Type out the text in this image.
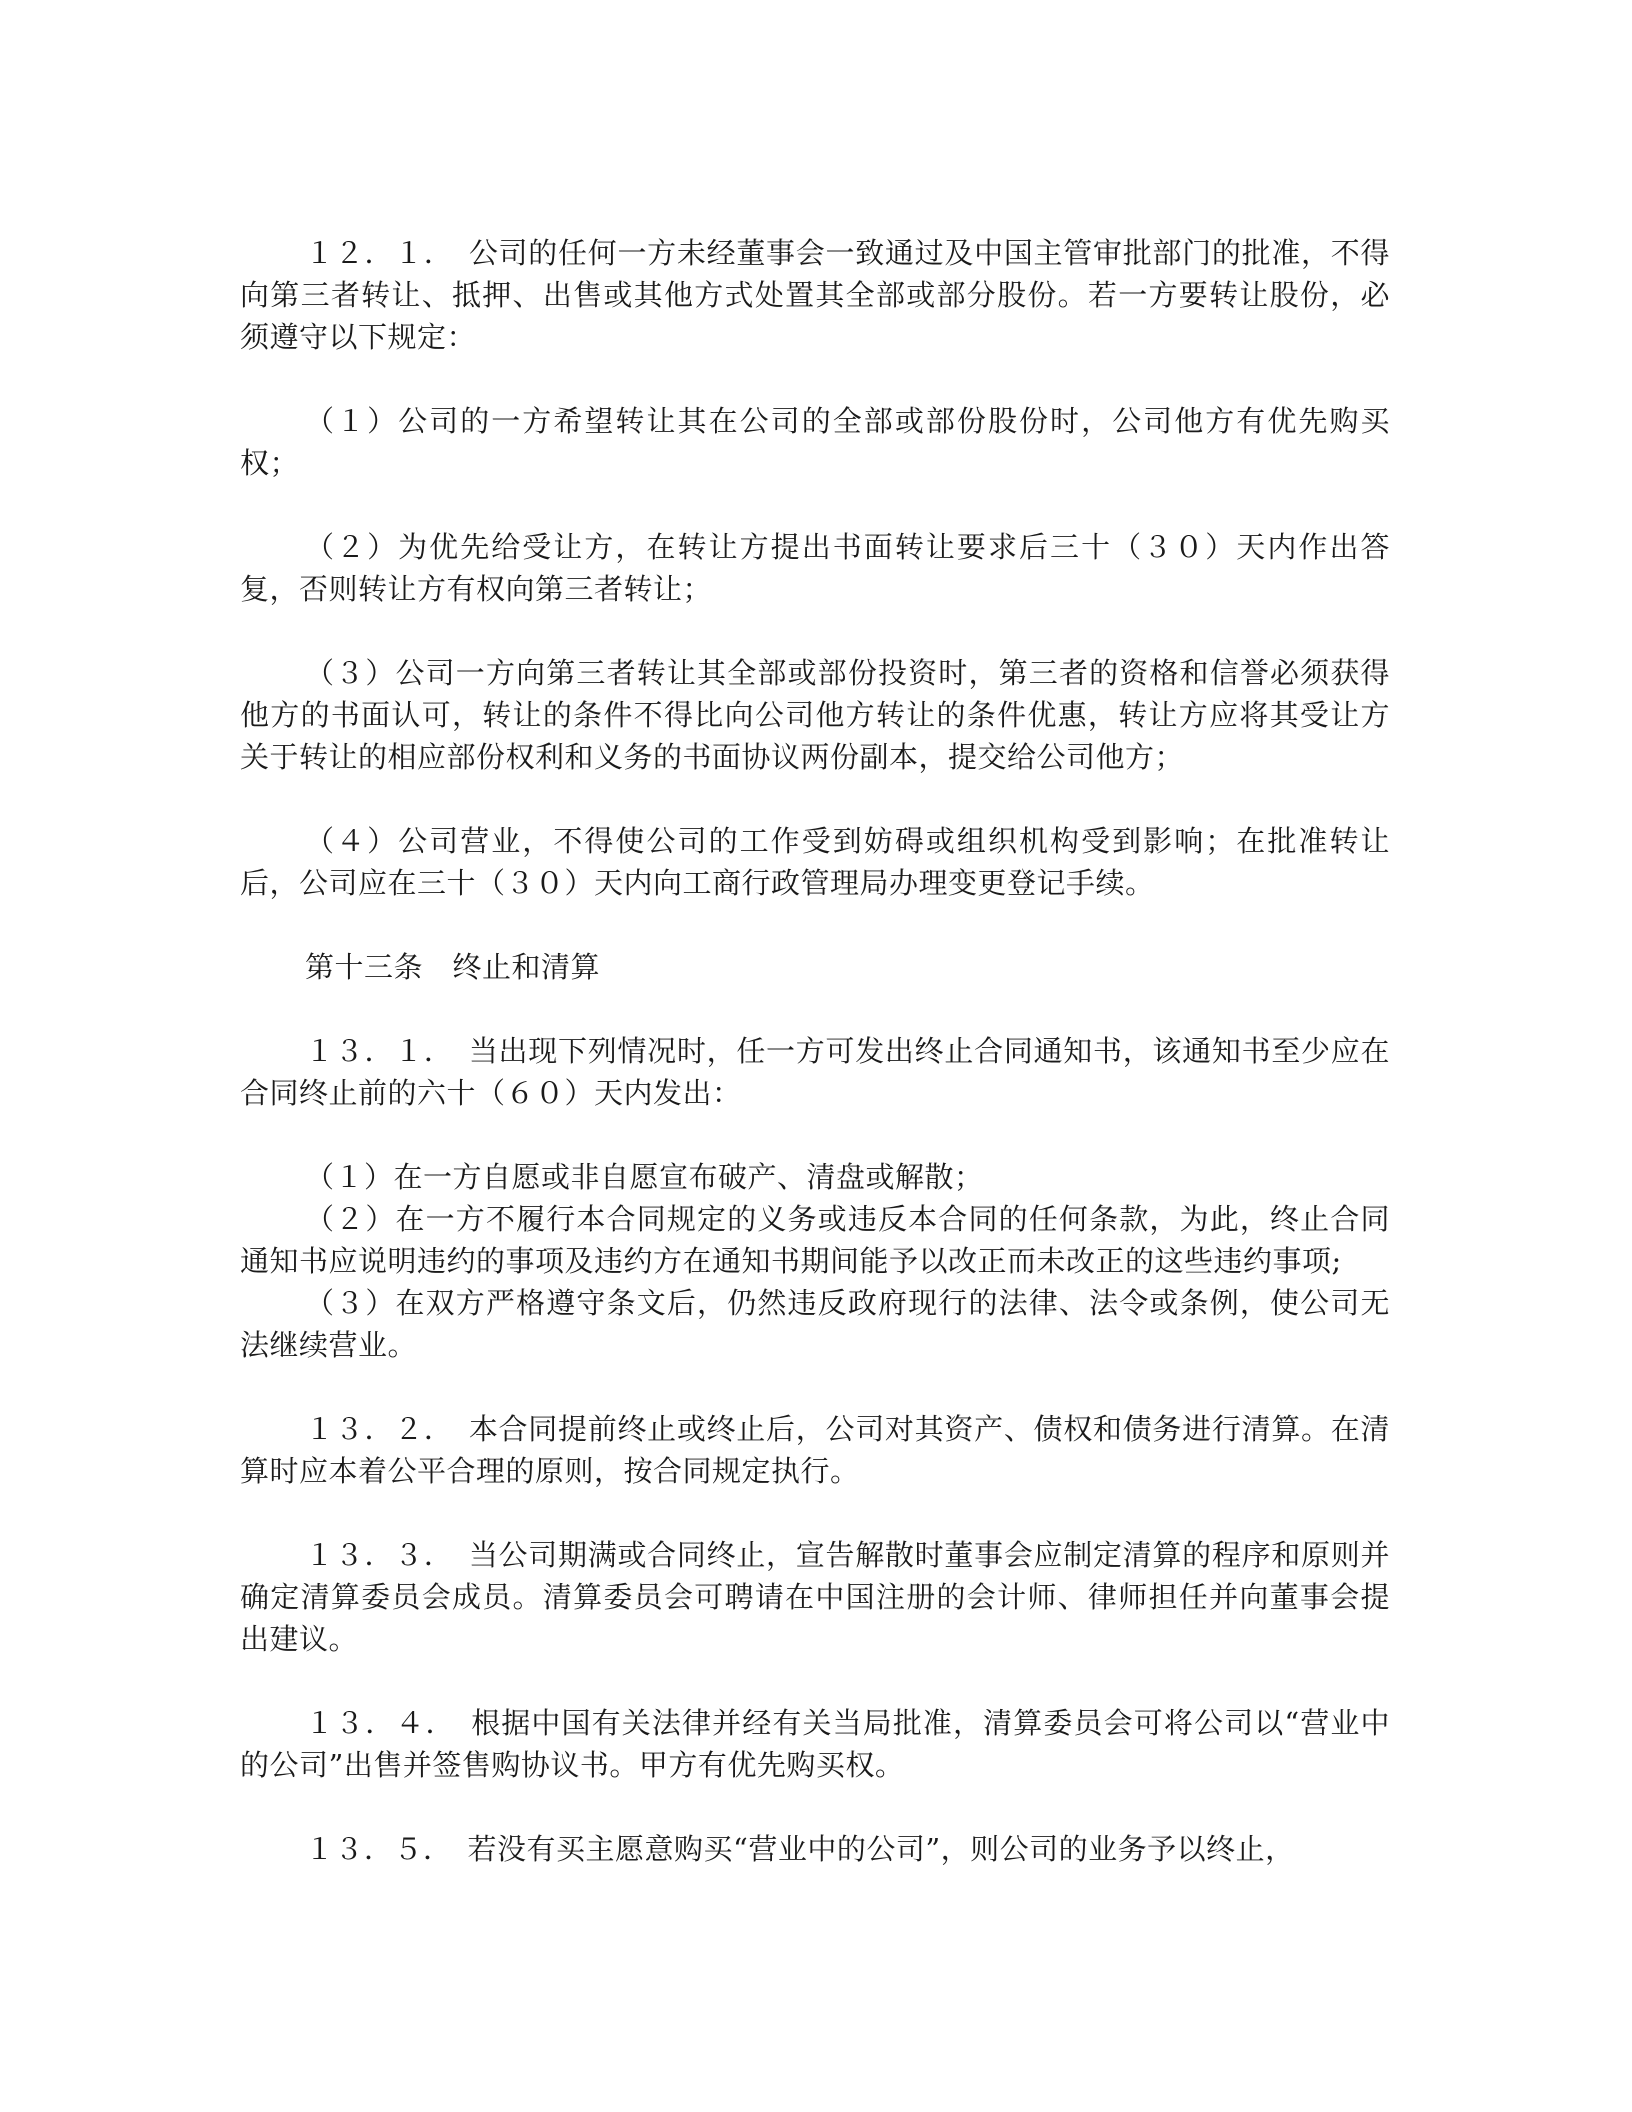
１２．１．　公司的任何一方未经董事会一致通过及中国主管审批部门的批准，不得向第三者转让、抵押、出售或其他方式处置其全部或部分股份。若一方要转让股份，必须遵守以下规定：

（１）公司的一方希望转让其在公司的全部或部份股份时，公司他方有优先购买权；

（２）为优先给受让方，在转让方提出书面转让要求后三十（３０）天内作出答复，否则转让方有权向第三者转让；

（３）公司一方向第三者转让其全部或部份投资时，第三者的资格和信誉必须获得他方的书面认可，转让的条件不得比向公司他方转让的条件优惠，转让方应将其受让方关于转让的相应部份权利和义务的书面协议两份副本，提交给公司他方；

（４）公司营业，不得使公司的工作受到妨碍或组织机构受到影响；在批准转让后，公司应在三十（３０）天内向工商行政管理局办理变更登记手续。

第十三条　终止和清算

１３．１．　当出现下列情况时，任一方可发出终止合同通知书，该通知书至少应在合同终止前的六十（６０）天内发出：

（１）在一方自愿或非自愿宣布破产、清盘或解散；

（２）在一方不履行本合同规定的义务或违反本合同的任何条款，为此，终止合同通知书应说明违约的事项及违约方在通知书期间能予以改正而未改正的这些违约事项;

（３）在双方严格遵守条文后，仍然违反政府现行的法律、法令或条例，使公司无法继续营业。

１３．２．　本合同提前终止或终止后，公司对其资产、债权和债务进行清算。在清算时应本着公平合理的原则，按合同规定执行。

１３．３．　当公司期满或合同终止，宣告解散时董事会应制定清算的程序和原则并确定清算委员会成员。清算委员会可聘请在中国注册的会计师、律师担任并向董事会提出建议。

１３．４．　根据中国有关法律并经有关当局批准，清算委员会可将公司以“营业中的公司”出售并签售购协议书。甲方有优先购买权。

１３．５．　若没有买主愿意购买“营业中的公司”，则公司的业务予以终止，
